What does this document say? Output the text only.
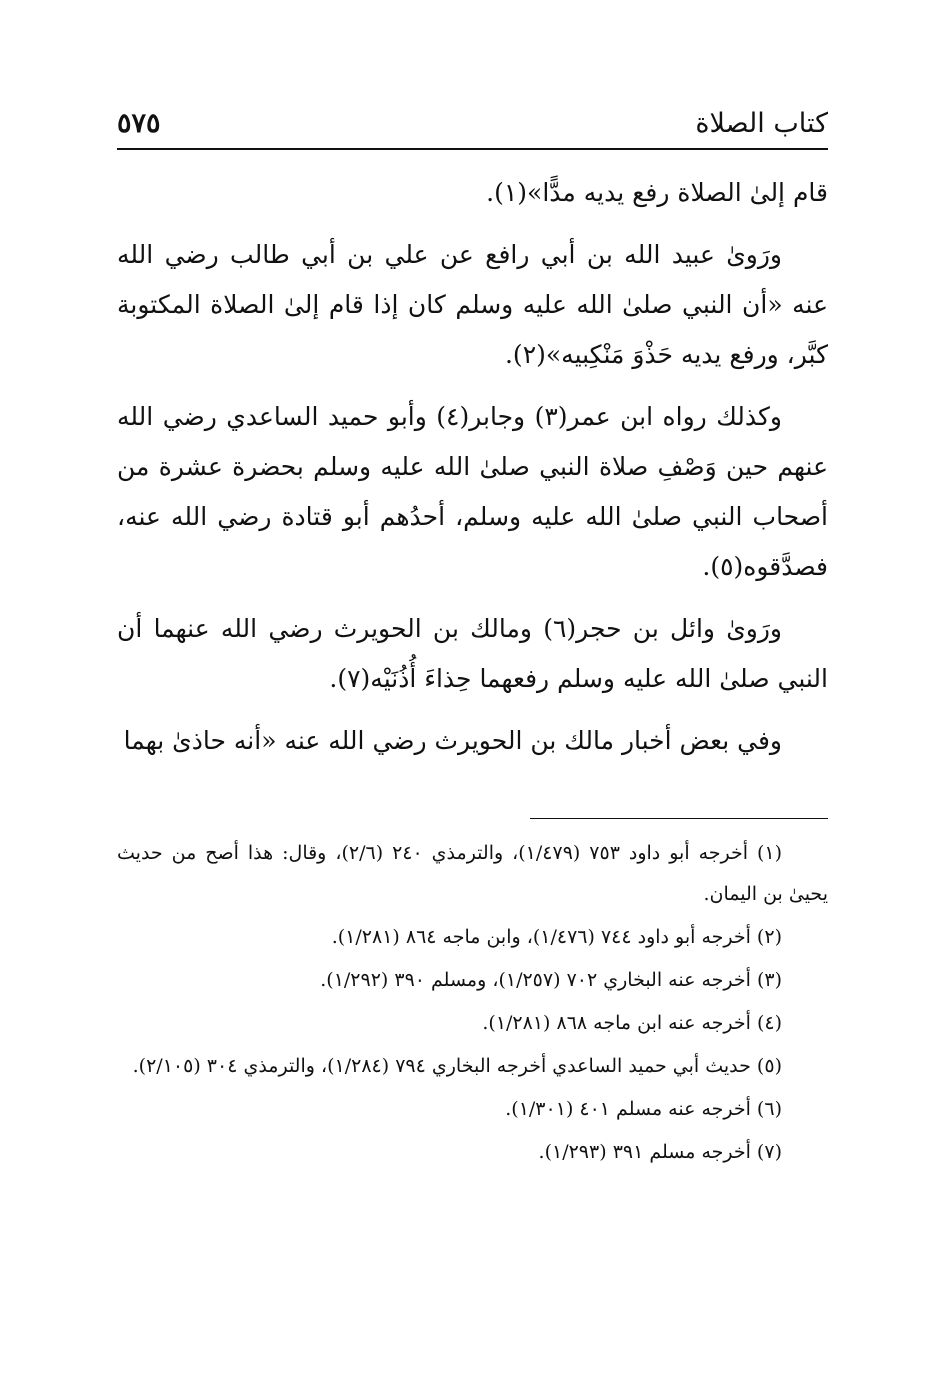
كتاب الصلاة
٥٧٥

قام إلىٰ الصلاة رفع يديه مدًّا»(١).

ورَوىٰ عبيد الله بن أبي رافع عن علي بن أبي طالب رضي الله عنه «أن النبي صلىٰ الله عليه وسلم كان إذا قام إلىٰ الصلاة المكتوبة كبَّر، ورفع يديه حَذْوَ مَنْكِبيه»(٢).

وكذلك رواه ابن عمر(٣) وجابر(٤) وأبو حميد الساعدي رضي الله عنهم حين وَصْفِ صلاة النبي صلىٰ الله عليه وسلم بحضرة عشرة من أصحاب النبي صلىٰ الله عليه وسلم، أحدُهم أبو قتادة رضي الله عنه، فصدَّقوه(٥).

ورَوىٰ وائل بن حجر(٦) ومالك بن الحويرث رضي الله عنهما أن النبي صلىٰ الله عليه وسلم رفعهما حِذاءَ أُذُنَيْه(٧).

وفي بعض أخبار مالك بن الحويرث رضي الله عنه «أنه حاذىٰ بهما

(١) أخرجه أبو داود ٧٥٣ (١/٤٧٩)، والترمذي ٢٤٠ (٢/٦)، وقال: هذا أصح من حديث يحيىٰ بن اليمان.

(٢) أخرجه أبو داود ٧٤٤ (١/٤٧٦)، وابن ماجه ٨٦٤ (١/٢٨١).

(٣) أخرجه عنه البخاري ٧٠٢ (١/٢٥٧)، ومسلم ٣٩٠ (١/٢٩٢).

(٤) أخرجه عنه ابن ماجه ٨٦٨ (١/٢٨١).

(٥) حديث أبي حميد الساعدي أخرجه البخاري ٧٩٤ (١/٢٨٤)، والترمذي ٣٠٤ (٢/١٠٥).

(٦) أخرجه عنه مسلم ٤٠١ (١/٣٠١).

(٧) أخرجه مسلم ٣٩١ (١/٢٩٣).
